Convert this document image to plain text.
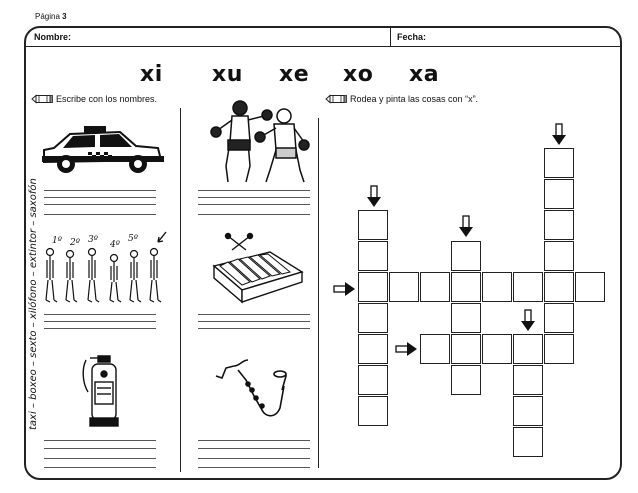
Página 3
Nombre:	Fecha:
xi xu xe xo xa
Escribe con los nombres.	Rodea y pinta las cosas con “x”.
taxi – boxeo – sexto – xilófono – extintor – saxofón 1º 2º 3º 4º
5º
